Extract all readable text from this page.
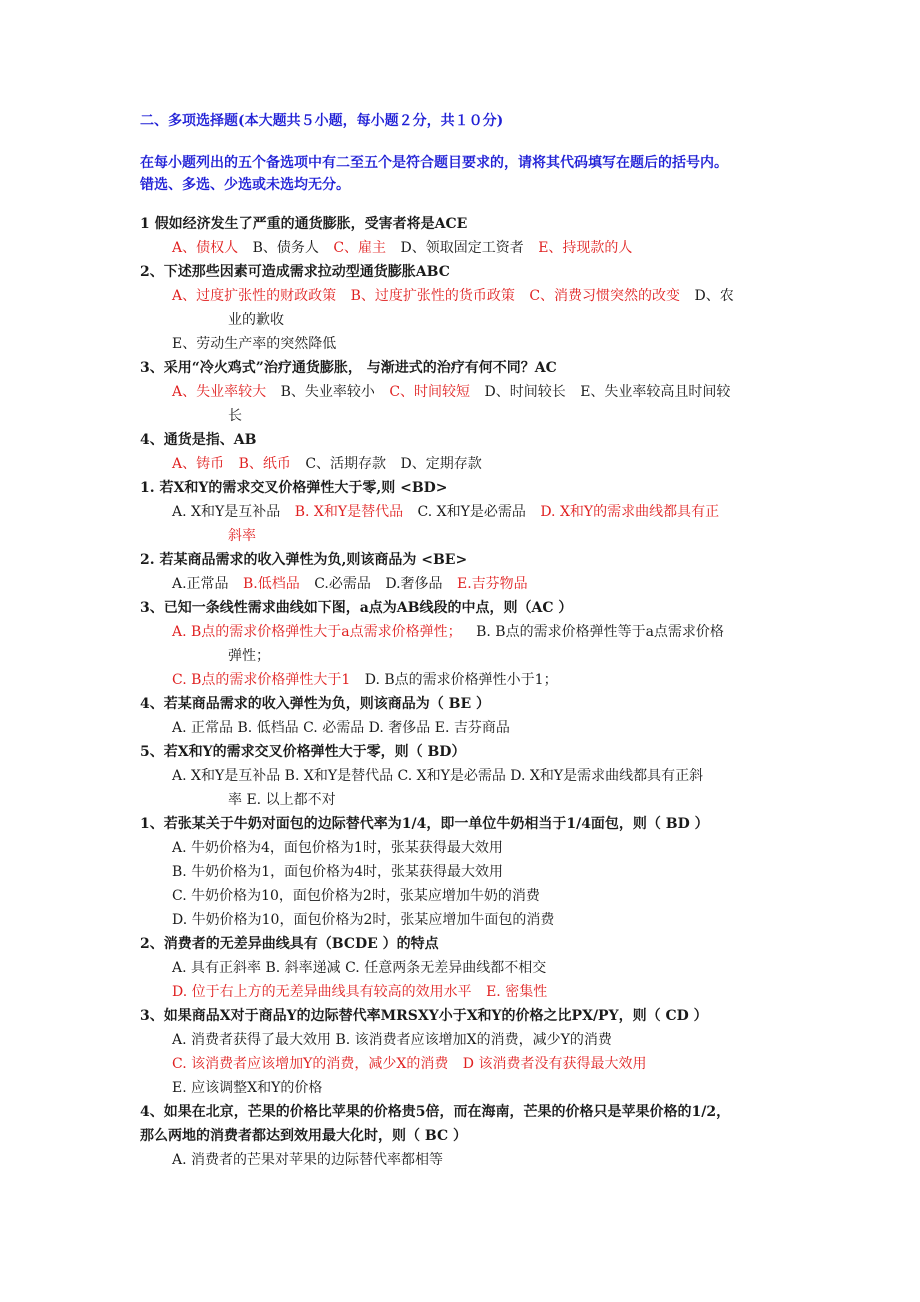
二、多项选择题(本大题共５小题，每小题２分，共１０分)
在每小题列出的五个备选项中有二至五个是符合题目要求的，请将其代码填写在题后的括号内。
错选、多选、少选或未选均无分。
1 假如经济发生了严重的通货膨胀，受害者将是ACE
A、债权人 B、债务人 C、雇主 D、领取固定工资者 E、持现款的人
2、下述那些因素可造成需求拉动型通货膨胀ABC
A、过度扩张性的财政政策 B、过度扩张性的货币政策 C、消费习惯突然的改变 D、农
业的歉收
E、劳动生产率的突然降低
3、采用“冷火鸡式”治疗通货膨胀， 与渐进式的治疗有何不同？AC
A、失业率较大 B、失业率较小 C、时间较短 D、时间较长 E、失业率较高且时间较
长
4、通货是指、AB
A、铸币 B、纸币 C、活期存款 D、定期存款
1. 若X和Y的需求交叉价格弹性大于零,则 <BD>
A. X和Y是互补品 B. X和Y是替代品 C. X和Y是必需品 D. X和Y的需求曲线都具有正
斜率
2. 若某商品需求的收入弹性为负,则该商品为 <BE>
A.正常品 B.低档品 C.必需品 D.奢侈品 E.吉芬物品
3、已知一条线性需求曲线如下图，a点为AB线段的中点，则（AC ）
A. B点的需求价格弹性大于a点需求价格弹性； B. B点的需求价格弹性等于a点需求价格
弹性；
C. B点的需求价格弹性大于1 D. B点的需求价格弹性小于1；
4、若某商品需求的收入弹性为负，则该商品为（ BE ）
A. 正常品 B. 低档品 C. 必需品 D. 奢侈品 E. 吉芬商品
5、若X和Y的需求交叉价格弹性大于零，则（ BD）
A. X和Y是互补品 B. X和Y是替代品 C. X和Y是必需品 D. X和Y是需求曲线都具有正斜
率 E. 以上都不对
1、若张某关于牛奶对面包的边际替代率为1/4，即一单位牛奶相当于1/4面包，则（ BD ）
A. 牛奶价格为4，面包价格为1时，张某获得最大效用
B. 牛奶价格为1，面包价格为4时，张某获得最大效用
C. 牛奶价格为10，面包价格为2时，张某应增加牛奶的消费
D. 牛奶价格为10，面包价格为2时，张某应增加牛面包的消费
2、消费者的无差异曲线具有（BCDE ）的特点
A. 具有正斜率 B. 斜率递减 C. 任意两条无差异曲线都不相交
D. 位于右上方的无差异曲线具有较高的效用水平 E. 密集性
3、如果商品X对于商品Y的边际替代率MRSXY小于X和Y的价格之比PX/PY，则（ CD ）
A. 消费者获得了最大效用 B. 该消费者应该增加X的消费，减少Y的消费
C. 该消费者应该增加Y的消费，减少X的消费 D 该消费者没有获得最大效用
E. 应该调整X和Y的价格
4、如果在北京，芒果的价格比苹果的价格贵5倍，而在海南，芒果的价格只是苹果价格的1/2，
那么两地的消费者都达到效用最大化时，则（ BC ）
A. 消费者的芒果对苹果的边际替代率都相等
